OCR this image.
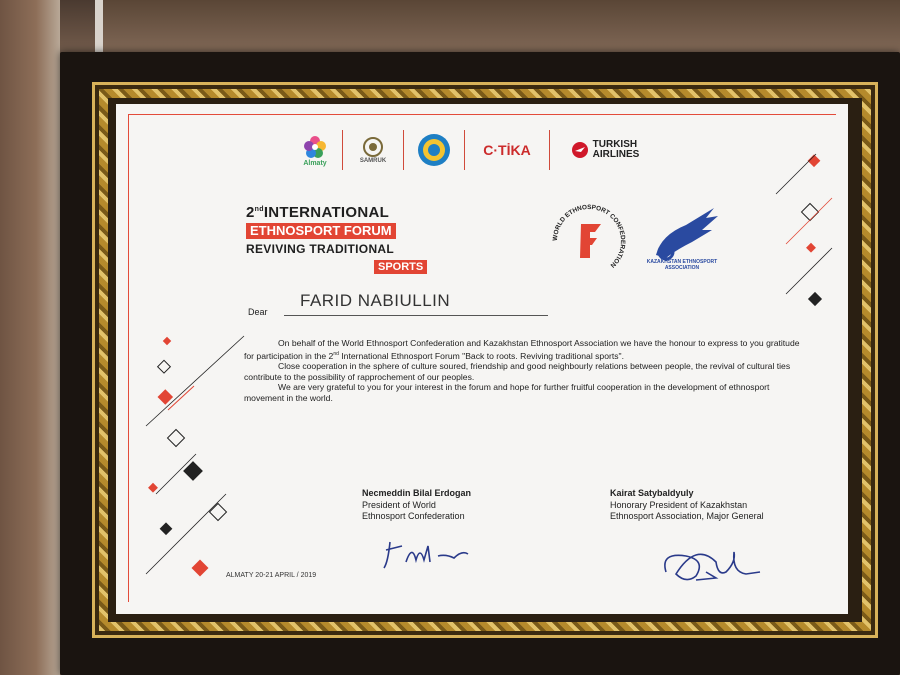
Almaty	SAMRUK
C·TİKA	TURKISH
AIRLINES
2ndINTERNATIONAL
ETHNOSPORT FORUM
REVIVING TRADITIONAL
SPORTS
WORLD ETHNOSPORT CONFEDERATION	KAZAKHSTAN ETHNOSPORT ASSOCIATION
Dear
FARID NABIULLIN

On behalf of the World Ethnosport Confederation and Kazakhstan Ethnosport Association we have the honour to express to you gratitude for participation in the 2nd International Ethnosport Forum "Back to roots. Reviving traditional sports".

Close cooperation in the sphere of culture soured, friendship and good neighbourly relations between people, the revival of cultural ties contribute to the possibility of rapprochement of our peoples.

We are very grateful to you for your interest in the forum and hope for further fruitful cooperation in the development of ethnosport movement in the world.

Necmeddin Bilal Erdogan
President of World
Ethnosport Confederation
Kairat Satybaldyuly
Honorary President of Kazakhstan
Ethnosport Association, Major General
ALMATY 20-21 APRIL / 2019
